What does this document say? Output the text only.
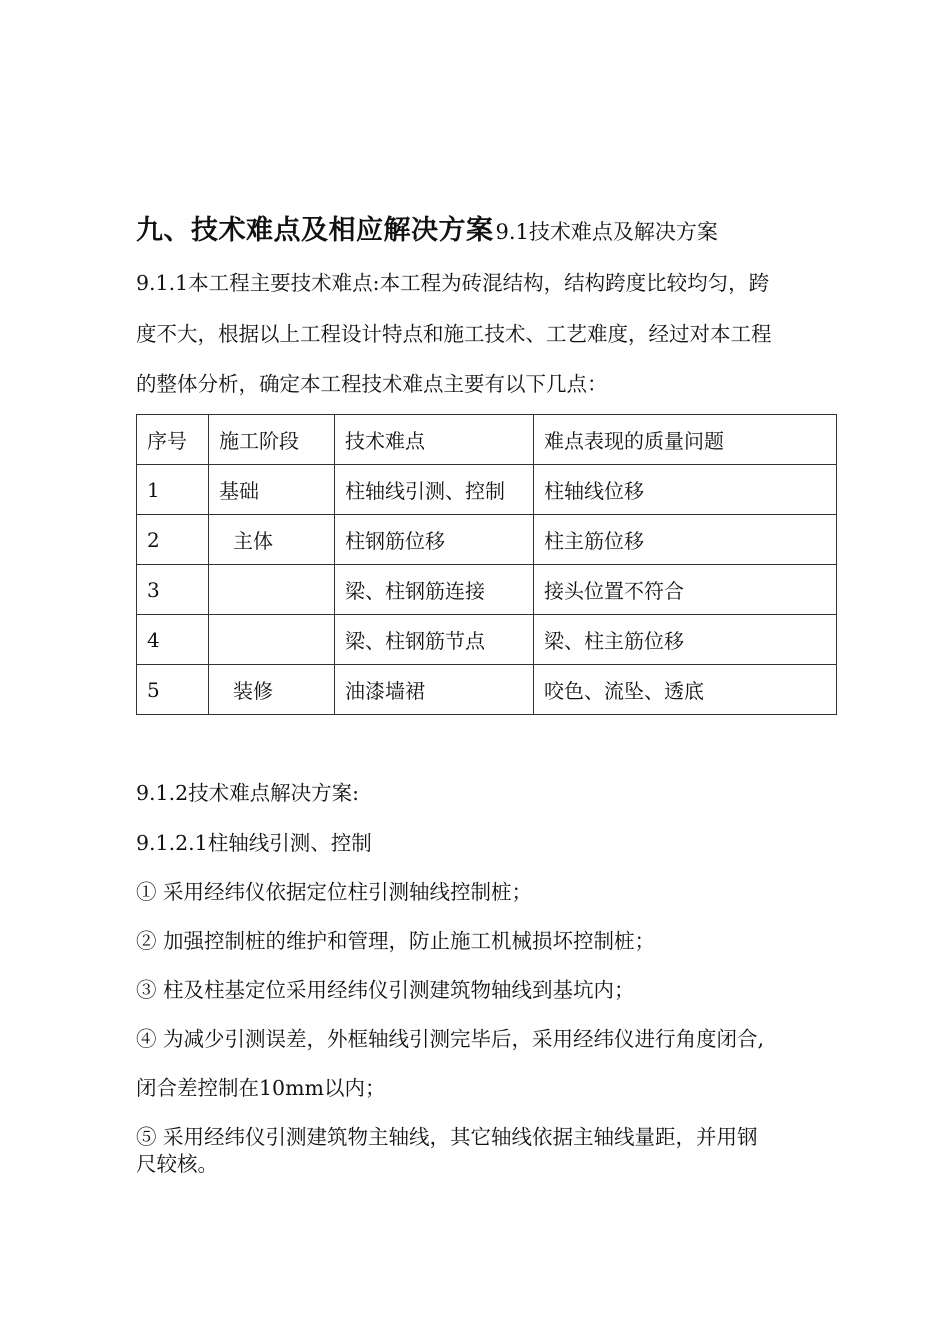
九、技术难点及相应解决方案9.1技术难点及解决方案
9.1.1本工程主要技术难点:本工程为砖混结构，结构跨度比较均匀，跨
度不大，根据以上工程设计特点和施工技术、工艺难度，经过对本工程
的整体分析，确定本工程技术难点主要有以下几点：
序号	施工阶段	技术难点	难点表现的质量问题
1	基础	柱轴线引测、控制	柱轴线位移
2	主体	柱钢筋位移	柱主筋位移
3		梁、柱钢筋连接	接头位置不符合
4		梁、柱钢筋节点	梁、柱主筋位移
5	装修	油漆墙裙	咬色、流坠、透底
9.1.2技术难点解决方案:
9.1.2.1柱轴线引测、控制
① 采用经纬仪依据定位柱引测轴线控制桩；
② 加强控制桩的维护和管理，防止施工机械损坏控制桩；
③ 柱及柱基定位采用经纬仪引测建筑物轴线到基坑内；
④ 为减少引测误差，外框轴线引测完毕后，采用经纬仪进行角度闭合,
闭合差控制在10mm以内；
⑤ 采用经纬仪引测建筑物主轴线，其它轴线依据主轴线量距，并用钢
尺较核。
